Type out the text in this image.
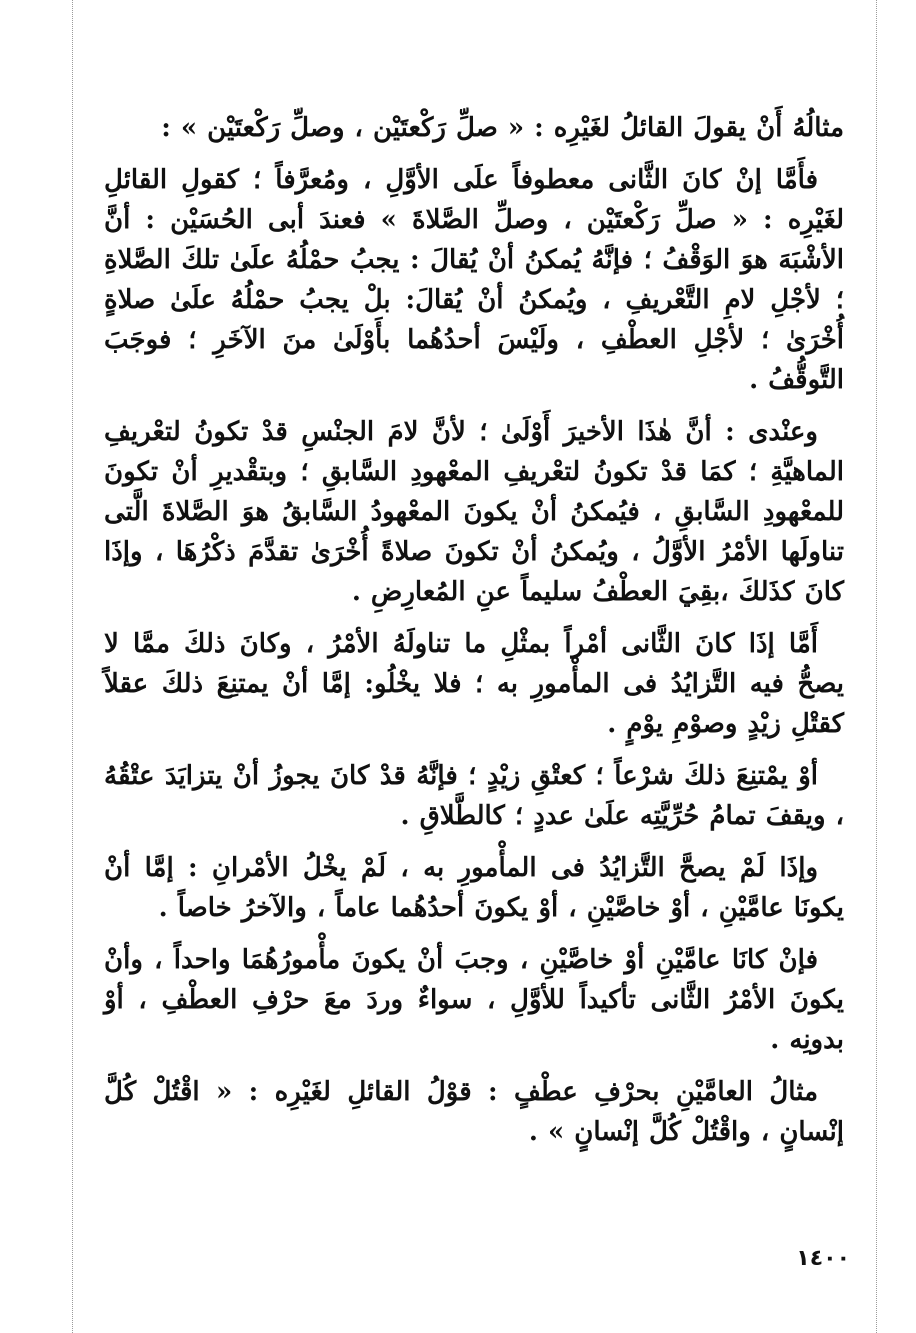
مثالُهُ أَنْ يقولَ القائلُ لغَيْرِه : « صلِّ رَكْعتَيْن ، وصلِّ رَكْعتَيْن » :

فأَمَّا إنْ كانَ الثَّانى معطوفاً علَى الأوَّلِ ، ومُعرَّفاً ؛ كقولِ القائلِ لغَيْرِه : « صلِّ رَكْعتَيْن ، وصلِّ الصَّلاةَ » فعندَ أبى الحُسَيْن : أنَّ الأشْبَهَ هوَ الوَقْفُ ؛ فإنَّهُ يُمكنُ أنْ يُقالَ : يجبُ حمْلُهُ علَىٰ تلكَ الصَّلاةِ ؛ لأجْلِ لامِ التَّعْريفِ ، ويُمكنُ أنْ يُقالَ: بلْ يجبُ حمْلُهُ علَىٰ صلاةٍ أُخْرَىٰ ؛ لأجْلِ العطْفِ ، ولَيْسَ أحدُهُما بأَوْلَىٰ منَ الآخَرِ ؛ فوجَبَ التَّوقُّفُ .

وعنْدى : أنَّ هٰذَا الأخيرَ أَوْلَىٰ ؛ لأنَّ لامَ الجنْسِ قدْ تكونُ لتعْريفِ الماهيَّةِ ؛ كمَا قدْ تكونُ لتعْريفِ المعْهودِ السَّابقِ ؛ وبتقْديرِ أنْ تكونَ للمعْهودِ السَّابقِ ، فيُمكنُ أنْ يكونَ المعْهودُ السَّابقُ هوَ الصَّلاةَ الَّتى تناولَها الأمْرُ الأوَّلُ ، ويُمكنُ أنْ تكونَ صلاةً أُخْرَىٰ تقدَّمَ ذكْرُهَا ، وإذَا كانَ كذَلكَ ،بقِيَ العطْفُ سليماً عنِ المُعارِضِ .

أَمَّا إذَا كانَ الثَّانى أمْراً بمثْلِ ما تناولَهُ الأمْرُ ، وكانَ ذلكَ ممَّا لا يصحُّ فيه التَّزايُدُ فى المأْمورِ به ؛ فلا يخْلُو: إمَّا أنْ يمتنِعَ ذلكَ عقلاً كقتْلِ زيْدٍ وصوْمِ يوْمٍ .

أوْ يمْتنِعَ ذلكَ شرْعاً ؛ كعتْقِ زيْدٍ ؛ فإنَّهُ قدْ كانَ يجوزُ أنْ يتزايَدَ عتْقُهُ ، ويقفَ تمامُ حُرِّيَّتِه علَىٰ عددٍ ؛ كالطَّلاقِ .

وإذَا لَمْ يصحَّ التَّزايُدُ فى المأْمورِ به ، لَمْ يخْلُ الأمْرانِ : إمَّا أنْ يكونَا عامَّيْنِ ، أوْ خاصَّيْنِ ، أوْ يكونَ أحدُهُما عاماً ، والآخرُ خاصاً .

فإنْ كانَا عامَّيْنِ أوْ خاصَّيْنِ ، وجبَ أنْ يكونَ مأْمورُهُمَا واحداً ، وأنْ يكونَ الأمْرُ الثَّانى تأكيداً للأوَّلِ ، سواءٌ وردَ معَ حرْفِ العطْفِ ، أوْ بدونِه .

مثالُ العامَّيْنِ بحرْفِ عطْفٍ : قوْلُ القائلِ لغَيْرِه : « اقْتُلْ كُلَّ إنْسانٍ ، واقْتُلْ كُلَّ إنْسانٍ » .

١٤٠٠
